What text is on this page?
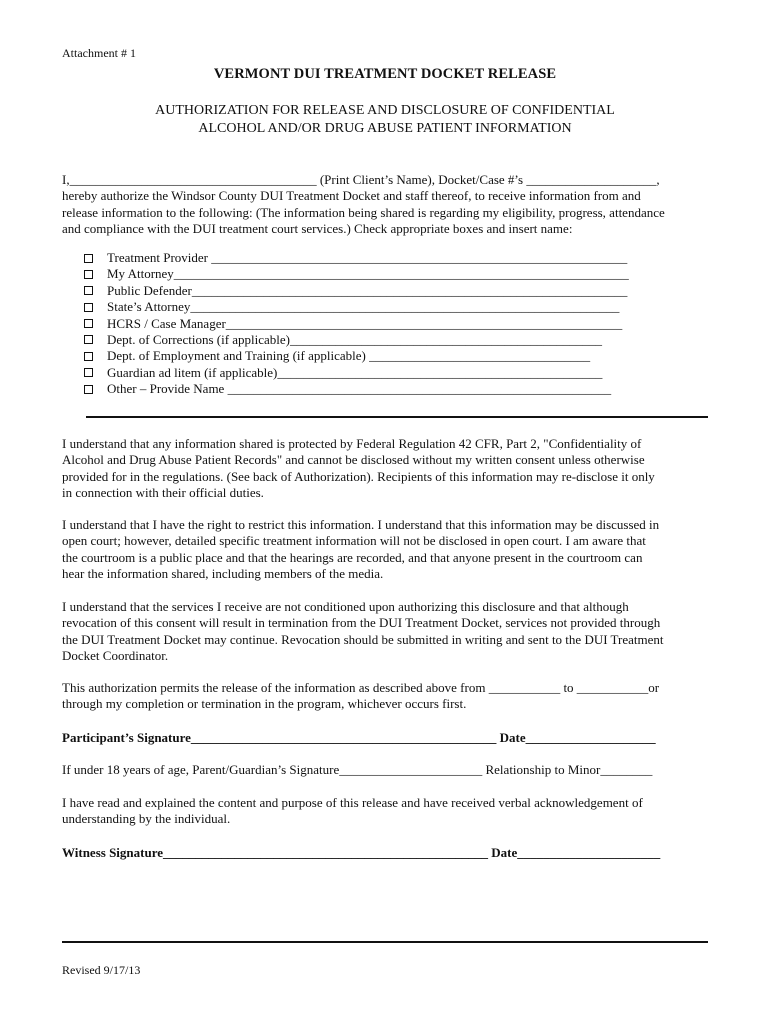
Attachment # 1
VERMONT DUI TREATMENT DOCKET RELEASE
AUTHORIZATION FOR RELEASE AND DISCLOSURE OF CONFIDENTIAL
ALCOHOL AND/OR DRUG ABUSE PATIENT INFORMATION
I,______________________________________ (Print Client’s Name), Docket/Case #’s ____________________,
hereby authorize the Windsor County DUI Treatment Docket and staff thereof, to receive information from and
release information to the following: (The information being shared is regarding my eligibility, progress, attendance
and compliance with the DUI treatment court services.) Check appropriate boxes and insert name:
Treatment Provider ________________________________________________________________
My Attorney______________________________________________________________________
Public Defender___________________________________________________________________
State’s Attorney__________________________________________________________________
HCRS / Case Manager_____________________________________________________________
Dept. of Corrections (if applicable)________________________________________________
Dept. of Employment and Training (if applicable) __________________________________
Guardian ad litem (if applicable)__________________________________________________
Other – Provide Name ___________________________________________________________
I understand that any information shared is protected by Federal Regulation 42 CFR, Part 2, "Confidentiality of
Alcohol and Drug Abuse Patient Records" and cannot be disclosed without my written consent unless otherwise
provided for in the regulations. (See back of Authorization). Recipients of this information may re-disclose it only
in connection with their official duties.
I understand that I have the right to restrict this information. I understand that this information may be discussed in
open court; however, detailed specific treatment information will not be disclosed in open court. I am aware that
the courtroom is a public place and that the hearings are recorded, and that anyone present in the courtroom can
hear the information shared, including members of the media.
I understand that the services I receive are not conditioned upon authorizing this disclosure and that although
revocation of this consent will result in termination from the DUI Treatment Docket, services not provided through
the DUI Treatment Docket may continue. Revocation should be submitted in writing and sent to the DUI Treatment
Docket Coordinator.
This authorization permits the release of the information as described above from ___________ to ___________or
through my completion or termination in the program, whichever occurs first.
Participant’s Signature_______________________________________________ Date____________________
If under 18 years of age, Parent/Guardian’s Signature______________________ Relationship to Minor________
I have read and explained the content and purpose of this release and have received verbal acknowledgement of
understanding by the individual.
Witness Signature__________________________________________________ Date______________________
Revised 9/17/13
